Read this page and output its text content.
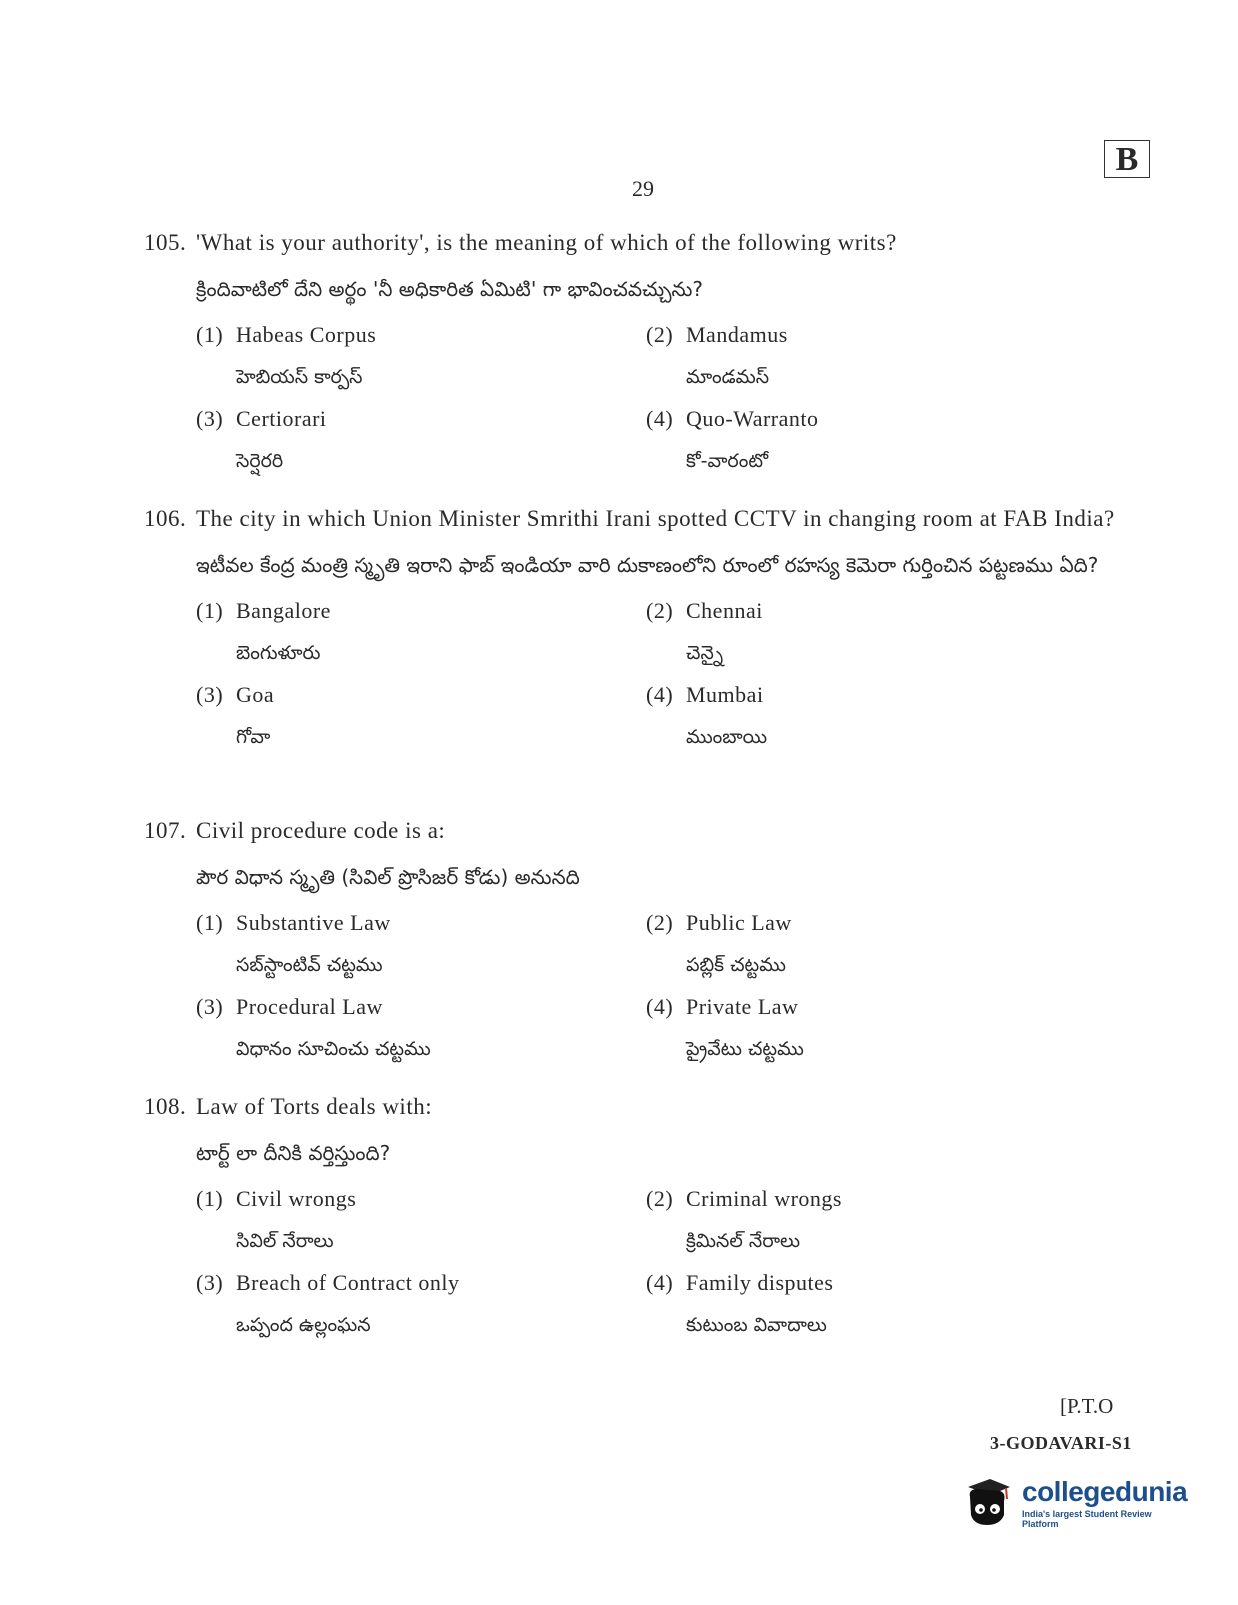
B
29
105. 'What is your authority', is the meaning of which of the following writs?
క్రిందివాటిలో దేని అర్థం 'నీ అధికారిత ఏమిటి' గా భావించవచ్చును?
(1) Habeas Corpus
హెబియస్ కార్పస్
(2) Mandamus
మాండమస్
(3) Certiorari
సెర్షెరరి
(4) Quo-Warranto
కో-వారంటో
106. The city in which Union Minister Smrithi Irani spotted CCTV in changing room at FAB India?
ఇటీవల కేంద్ర మంత్రి స్మృతి ఇరాని ఫాబ్ ఇండియా వారి దుకాణంలోని రూంలో రహస్య కెమెరా గుర్తించిన పట్టణము ఏది?
(1) Bangalore
బెంగుళూరు
(2) Chennai
చెన్నై
(3) Goa
గోవా
(4) Mumbai
ముంబాయి
107. Civil procedure code is a:
పౌర విధాన స్మృతి (సివిల్ ప్రొసిజర్ కోడు) అనునది
(1) Substantive Law
సబ్‌స్టాంటివ్ చట్టము
(2) Public Law
పబ్లిక్ చట్టము
(3) Procedural Law
విధానం సూచించు చట్టము
(4) Private Law
ప్రైవేటు చట్టము
108. Law of Torts deals with:
టార్ట్ లా దీనికి వర్తిస్తుంది?
(1) Civil wrongs
సివిల్ నేరాలు
(2) Criminal wrongs
క్రిమినల్ నేరాలు
(3) Breach of Contract only
ఒప్పంద ఉల్లంఘన
(4) Family disputes
కుటుంబ వివాదాలు
[P.T.O
3-GODAVARI-S1
collegedunia
India's largest Student Review Platform
